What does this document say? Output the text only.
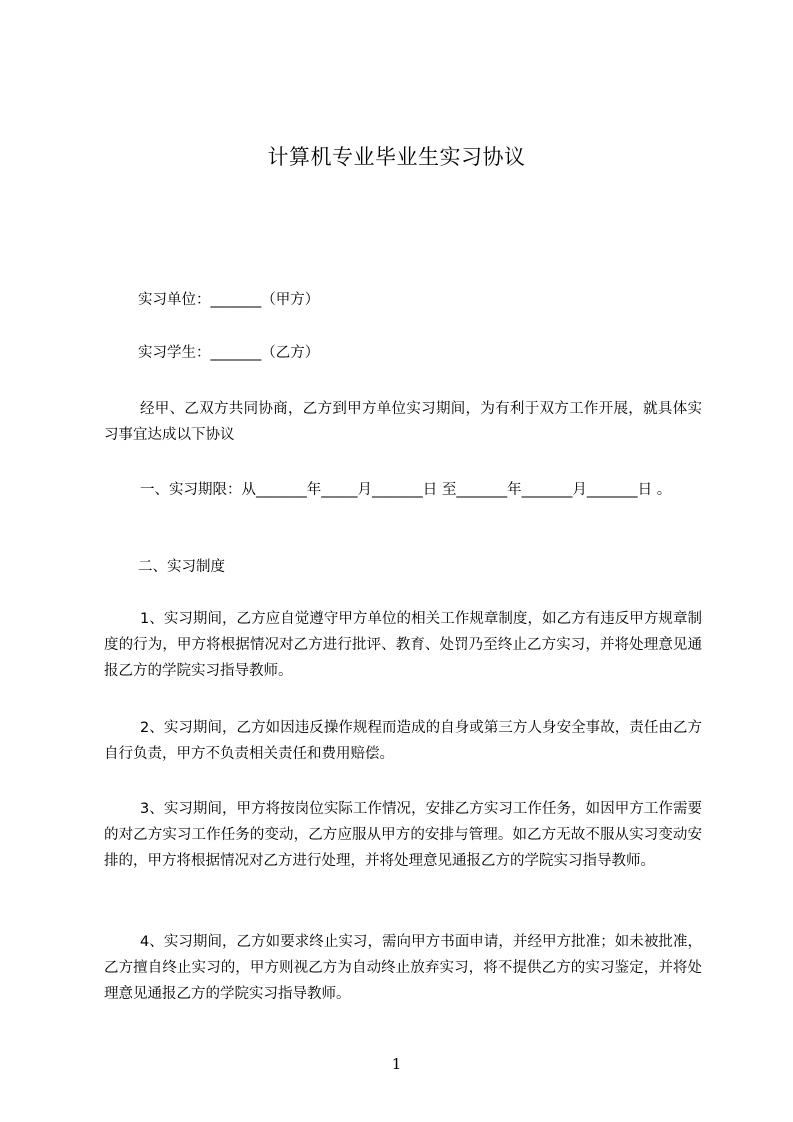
计算机专业毕业生实习协议

实习单位：_______（甲方）

实习学生：_______（乙方）

经甲、乙双方共同协商，乙方到甲方单位实习期间，为有利于双方工作开展，就具体实习事宜达成以下协议

一、实习期限：从_______年_____月_______日 至_______年_______月_______日 。

二、实习制度

1、实习期间，乙方应自觉遵守甲方单位的相关工作规章制度，如乙方有违反甲方规章制度的行为，甲方将根据情况对乙方进行批评、教育、处罚乃至终止乙方实习，并将处理意见通报乙方的学院实习指导教师。

2、实习期间，乙方如因违反操作规程而造成的自身或第三方人身安全事故，责任由乙方自行负责，甲方不负责相关责任和费用赔偿。

3、实习期间，甲方将按岗位实际工作情况，安排乙方实习工作任务，如因甲方工作需要的对乙方实习工作任务的变动，乙方应服从甲方的安排与管理。如乙方无故不服从实习变动安排的，甲方将根据情况对乙方进行处理，并将处理意见通报乙方的学院实习指导教师。

4、实习期间，乙方如要求终止实习，需向甲方书面申请，并经甲方批准；如未被批准，乙方擅自终止实习的，甲方则视乙方为自动终止放弃实习，将不提供乙方的实习鉴定，并将处理意见通报乙方的学院实习指导教师。

1
